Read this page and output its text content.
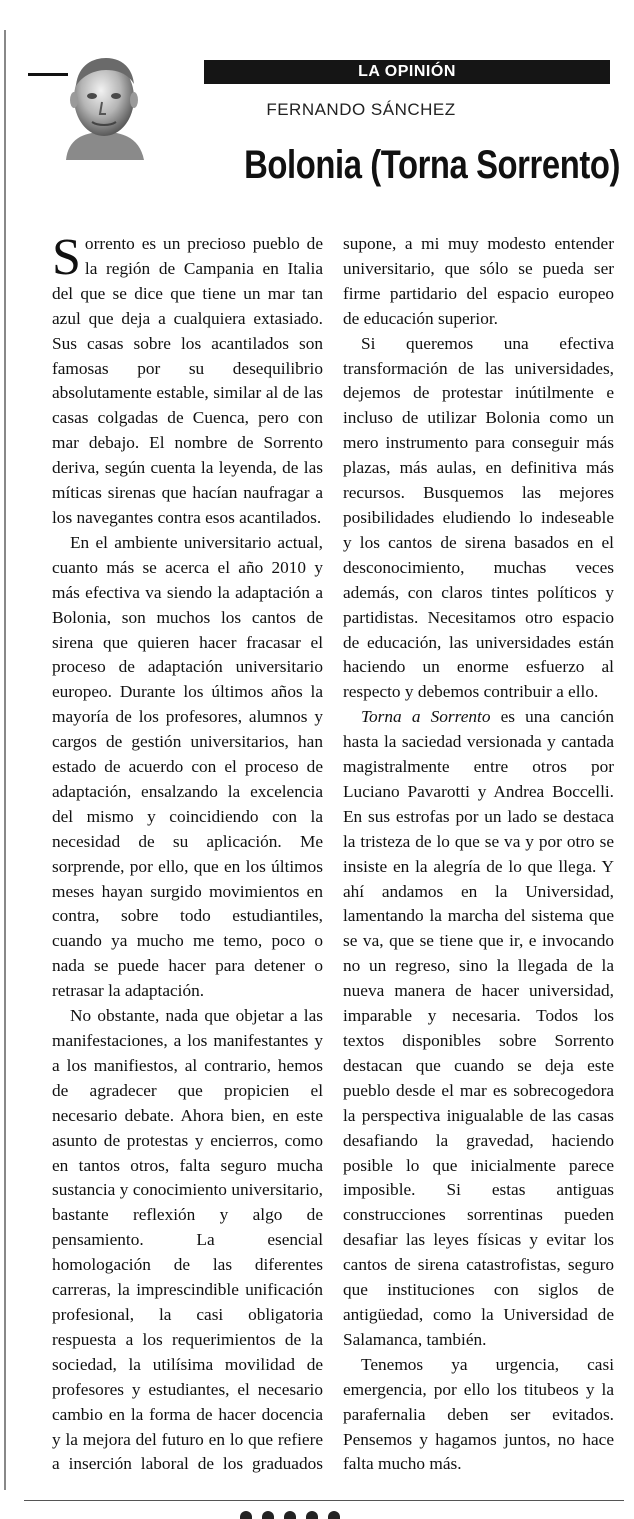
LA OPINIÓN
FERNANDO SÁNCHEZ
Bolonia (Torna Sorrento)

Sorrento es un precioso pueblo de la región de Campania en Italia del que se dice que tiene un mar tan azul que deja a cualquiera extasiado. Sus casas sobre los acantilados son famosas por su desequilibrio absolutamente estable, similar al de las casas colgadas de Cuenca, pero con mar debajo. El nombre de Sorrento deriva, según cuenta la leyenda, de las míticas sirenas que hacían naufragar a los navegantes contra esos acantilados.

En el ambiente universitario actual, cuanto más se acerca el año 2010 y más efectiva va siendo la adaptación a Bolonia, son muchos los cantos de sirena que quieren hacer fracasar el proceso de adaptación universitario europeo. Durante los últimos años la mayoría de los profesores, alumnos y cargos de gestión universitarios, han estado de acuerdo con el proceso de adaptación, ensalzando la excelencia del mismo y coincidiendo con la necesidad de su aplicación. Me sorprende, por ello, que en los últimos meses hayan surgido movimientos en contra, sobre todo estudiantiles, cuando ya mucho me temo, poco o nada se puede hacer para detener o retrasar la adaptación.

No obstante, nada que objetar a las manifestaciones, a los manifestantes y a los manifiestos, al contrario, hemos de agradecer que propicien el necesario debate. Ahora bien, en este asunto de protestas y encierros, como en tantos otros, falta seguro mucha sustancia y conocimiento universitario, bastante reflexión y algo de pensamiento. La esencial homologación de las diferentes carreras, la imprescindible unificación profesional, la casi obligatoria respuesta a los requerimientos de la sociedad, la utilísima movilidad de profesores y estudiantes, el necesario cambio en la forma de hacer docencia y la mejora del futuro en lo que refiere a inserción laboral de los graduados supone, a mi muy modesto entender universitario, que sólo se pueda ser firme partidario del espacio europeo de educación superior.

Si queremos una efectiva transformación de las universidades, dejemos de protestar inútilmente e incluso de utilizar Bolonia como un mero instrumento para conseguir más plazas, más aulas, en definitiva más recursos. Busquemos las mejores posibilidades eludiendo lo indeseable y los cantos de sirena basados en el desconocimiento, muchas veces además, con claros tintes políticos y partidistas. Necesitamos otro espacio de educación, las universidades están haciendo un enorme esfuerzo al respecto y debemos contribuir a ello.

Torna a Sorrento es una canción hasta la saciedad versionada y cantada magistralmente entre otros por Luciano Pavarotti y Andrea Boccelli. En sus estrofas por un lado se destaca la tristeza de lo que se va y por otro se insiste en la alegría de lo que llega. Y ahí andamos en la Universidad, lamentando la marcha del sistema que se va, que se tiene que ir, e invocando no un regreso, sino la llegada de la nueva manera de hacer universidad, imparable y necesaria. Todos los textos disponibles sobre Sorrento destacan que cuando se deja este pueblo desde el mar es sobrecogedora la perspectiva inigualable de las casas desafiando la gravedad, haciendo posible lo que inicialmente parece imposible. Si estas antiguas construcciones sorrentinas pueden desafiar las leyes físicas y evitar los cantos de sirena catastrofistas, seguro que instituciones con siglos de antigüedad, como la Universidad de Salamanca, también.

Tenemos ya urgencia, casi emergencia, por ello los titubeos y la parafernalia deben ser evitados. Pensemos y hagamos juntos, no hace falta mucho más.
